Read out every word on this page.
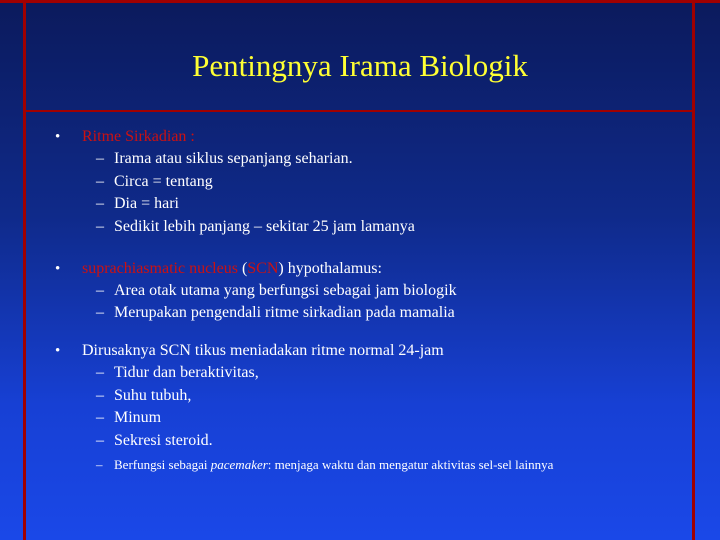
Pentingnya Irama Biologik
• Ritme Sirkadian :
– Irama atau siklus sepanjang seharian.
– Circa = tentang
– Dia = hari
– Sedikit lebih panjang – sekitar 25 jam lamanya
• suprachiasmatic nucleus (SCN) hypothalamus:
– Area otak utama yang berfungsi sebagai jam biologik
– Merupakan pengendali ritme sirkadian pada mamalia
• Dirusaknya SCN tikus meniadakan ritme normal 24-jam
– Tidur dan beraktivitas,
– Suhu tubuh,
– Minum
– Sekresi steroid.
– Berfungsi sebagai pacemaker: menjaga waktu dan mengatur aktivitas sel-sel lainnya
